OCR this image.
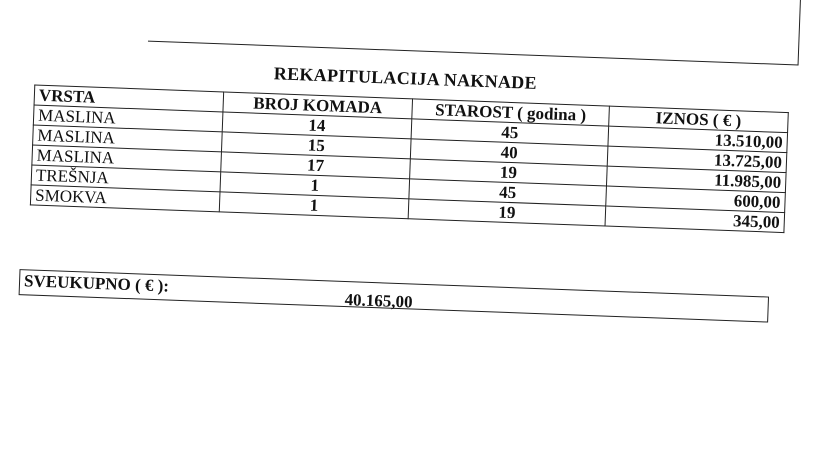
REKAPITULACIJA NAKNADE
VRSTA	BROJ KOMADA	STAROST ( godina )	IZNOS ( € )
MASLINA	14	45	13.510,00
MASLINA	15	40	13.725,00
MASLINA	17	19	11.985,00
TREŠNJA	1	45	600,00
SMOKVA	1	19	345,00
SVEUKUPNO ( € ):
40.165,00
